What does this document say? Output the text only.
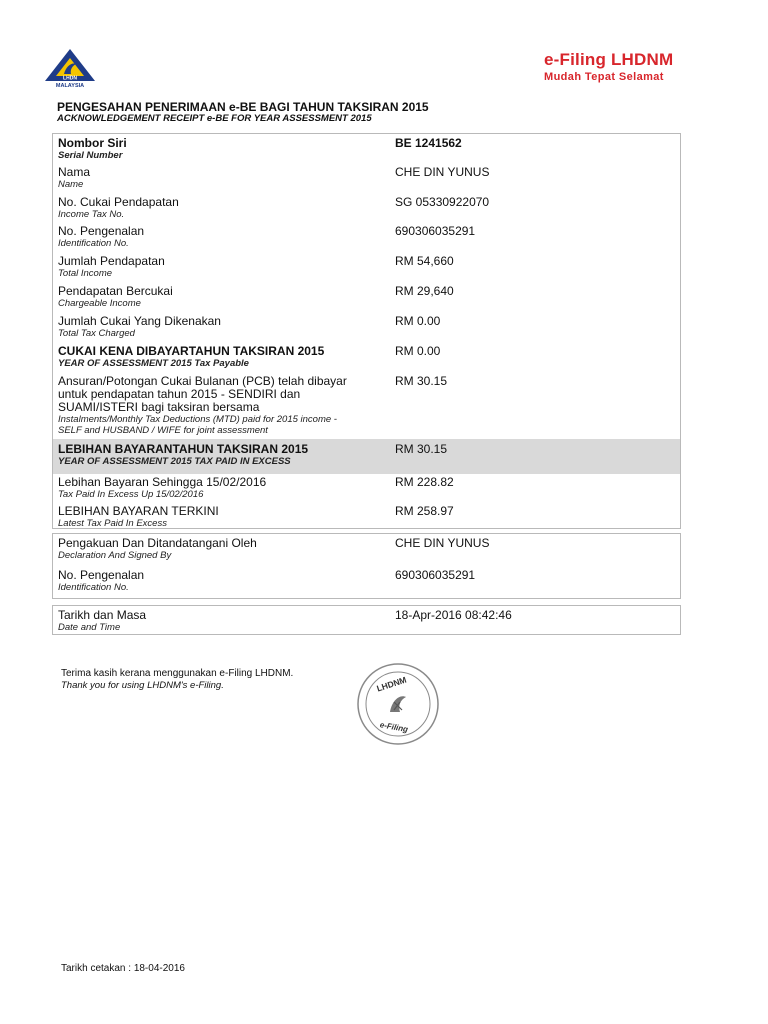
LHDN
MALAYSIA
e-Filing LHDNM
Mudah Tepat Selamat
PENGESAHAN PENERIMAAN e-BE BAGI TAHUN TAKSIRAN 2015
ACKNOWLEDGEMENT RECEIPT e-BE FOR YEAR ASSESSMENT 2015
Nombor Siri
Serial Number
BE 1241562
Nama
Name
CHE DIN YUNUS
No. Cukai Pendapatan
Income Tax No.
SG 05330922070
No. Pengenalan
Identification No.
690306035291
Jumlah Pendapatan
Total Income
RM 54,660
Pendapatan Bercukai
Chargeable Income
RM 29,640
Jumlah Cukai Yang Dikenakan
Total Tax Charged
RM 0.00
CUKAI KENA DIBAYARTAHUN TAKSIRAN 2015
YEAR OF ASSESSMENT 2015 Tax Payable
RM 0.00
Ansuran/Potongan Cukai Bulanan (PCB) telah dibayar
untuk pendapatan tahun 2015 - SENDIRI dan
SUAMI/ISTERI bagi taksiran bersama
Instalments/Monthly Tax Deductions (MTD) paid for 2015 income -
SELF and HUSBAND / WIFE for joint assessment
RM 30.15
LEBIHAN BAYARANTAHUN TAKSIRAN 2015
YEAR OF ASSESSMENT 2015 TAX PAID IN EXCESS
RM 30.15
Lebihan Bayaran Sehingga 15/02/2016
Tax Paid In Excess Up 15/02/2016
RM 228.82
LEBIHAN BAYARAN TERKINI
Latest Tax Paid In Excess
RM 258.97
Pengakuan Dan Ditandatangani Oleh
Declaration And Signed By
CHE DIN YUNUS
No. Pengenalan
Identification No.
690306035291
Tarikh dan Masa
Date and Time
18-Apr-2016 08:42:46
Terima kasih kerana menggunakan e-Filing LHDNM.
Thank you for using LHDNM's e-Filing.	LHDNM
e-Filing
Tarikh cetakan : 18-04-2016
